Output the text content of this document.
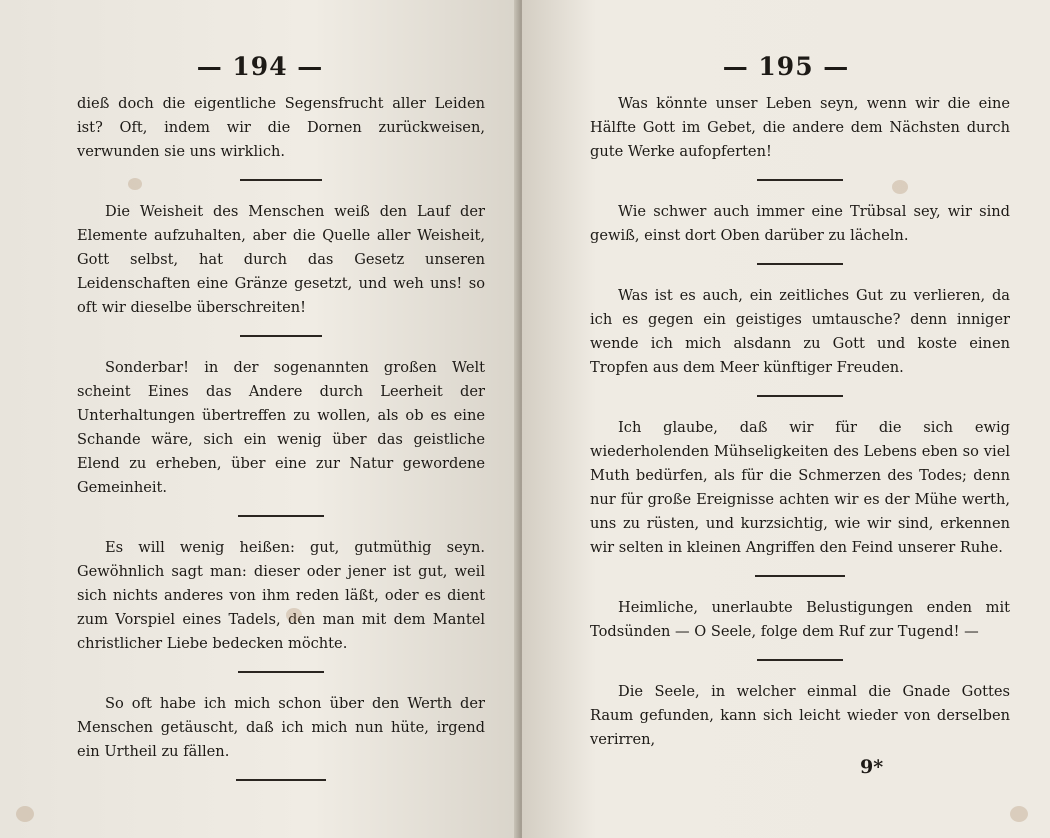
— 194 —

dieß doch die eigentliche Segensfrucht aller Leiden ist? Oft, indem wir die Dornen zurückweisen, verwunden sie uns wirklich.

Die Weisheit des Menschen weiß den Lauf der Elemente aufzuhalten, aber die Quelle aller Weisheit, Gott selbst, hat durch das Gesetz unseren Leidenschaften eine Gränze gesetzt, und weh uns! so oft wir dieselbe überschreiten!

Sonderbar! in der sogenannten großen Welt scheint Eines das Andere durch Leerheit der Unterhaltungen übertreffen zu wollen, als ob es eine Schande wäre, sich ein wenig über das geistliche Elend zu erheben, über eine zur Natur gewordene Gemeinheit.

Es will wenig heißen: gut, gutmüthig seyn. Gewöhnlich sagt man: dieser oder jener ist gut, weil sich nichts anderes von ihm reden läßt, oder es dient zum Vorspiel eines Tadels, den man mit dem Mantel christlicher Liebe bedecken möchte.

So oft habe ich mich schon über den Werth der Menschen getäuscht, daß ich mich nun hüte, irgend ein Urtheil zu fällen.

— 195 —

Was könnte unser Leben seyn, wenn wir die eine Hälfte Gott im Gebet, die andere dem Nächsten durch gute Werke aufopferten!

Wie schwer auch immer eine Trübsal sey, wir sind gewiß, einst dort Oben darüber zu lächeln.

Was ist es auch, ein zeitliches Gut zu verlieren, da ich es gegen ein geistiges umtausche? denn inniger wende ich mich alsdann zu Gott und koste einen Tropfen aus dem Meer künftiger Freuden.

Ich glaube, daß wir für die sich ewig wiederholenden Mühseligkeiten des Lebens eben so viel Muth bedürfen, als für die Schmerzen des Todes; denn nur für große Ereignisse achten wir es der Mühe werth, uns zu rüsten, und kurzsichtig, wie wir sind, erkennen wir selten in kleinen Angriffen den Feind unserer Ruhe.

Heimliche, unerlaubte Belustigungen enden mit Todsünden — O Seele, folge dem Ruf zur Tugend! —

Die Seele, in welcher einmal die Gnade Gottes Raum gefunden, kann sich leicht wieder von derselben verirren,

9*
